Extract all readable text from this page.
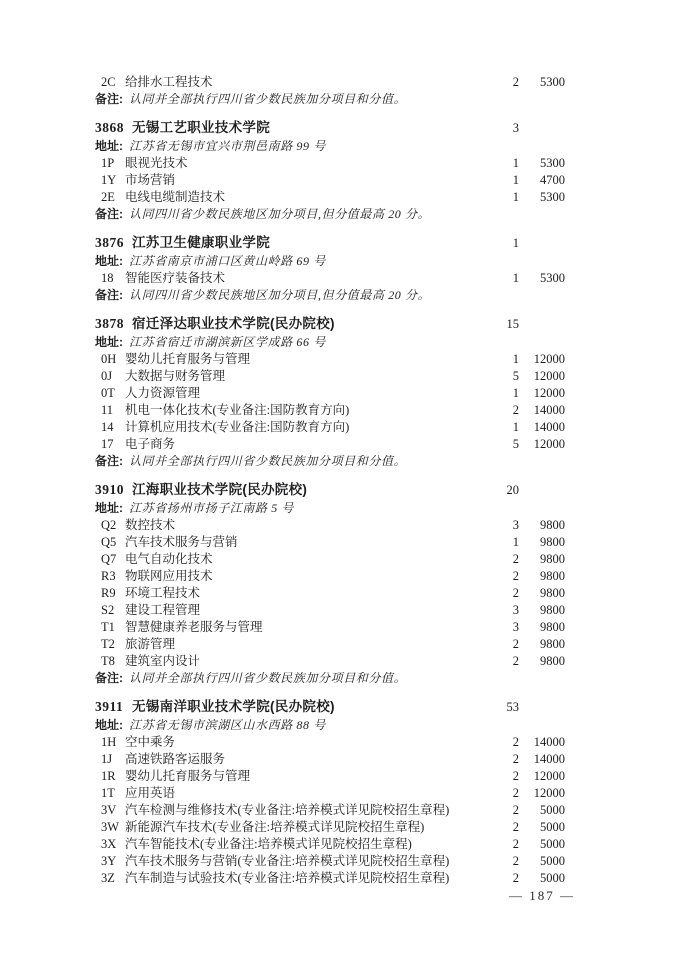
2C 给排水工程技术	2	5300
备注: 认同并全部执行四川省少数民族加分项目和分值。
3868 无锡工艺职业技术学院	3
地址: 江苏省无锡市宜兴市荆邑南路 99 号
1P 眼视光技术	1	5300
1Y 市场营销	1	4700
2E 电线电缆制造技术	1	5300
备注: 认同四川省少数民族地区加分项目,但分值最高 20 分。
3876 江苏卫生健康职业学院	1
地址: 江苏省南京市浦口区黄山岭路 69 号
18 智能医疗装备技术	1	5300
备注: 认同四川省少数民族地区加分项目,但分值最高 20 分。
3878 宿迁泽达职业技术学院(民办院校)	15
地址: 江苏省宿迁市湖滨新区学成路 66 号
0H 婴幼儿托育服务与管理	1	12000
0J	大数据与财务管理	5	12000
0T 人力资源管理	1	12000
11 机电一体化技术(专业备注:国防教育方向)	2	14000
14 计算机应用技术(专业备注:国防教育方向)	1	14000
17 电子商务	5	12000
备注: 认同并全部执行四川省少数民族加分项目和分值。
3910 江海职业技术学院(民办院校)	20
地址: 江苏省扬州市扬子江南路 5 号
Q2 数控技术	3	9800
Q5 汽车技术服务与营销	1	9800
Q7 电气自动化技术	2	9800
R3 物联网应用技术	2	9800
R9 环境工程技术	2	9800
S2 建设工程管理	3	9800
T1 智慧健康养老服务与管理	3	9800
T2 旅游管理	2	9800
T8 建筑室内设计	2	9800
备注: 认同并全部执行四川省少数民族加分项目和分值。
3911 无锡南洋职业技术学院(民办院校)	53
地址: 江苏省无锡市滨湖区山水西路 88 号
1H 空中乘务	2	14000
1J	高速铁路客运服务	2	14000
1R 婴幼儿托育服务与管理	2	12000
1T 应用英语	2	12000
3V 汽车检测与维修技术(专业备注:培养模式详见院校招生章程)	2	5000
3W 新能源汽车技术(专业备注:培养模式详见院校招生章程)	2	5000
3X 汽车智能技术(专业备注:培养模式详见院校招生章程)	2	5000
3Y 汽车技术服务与营销(专业备注:培养模式详见院校招生章程)	2	5000
3Z 汽车制造与试验技术(专业备注:培养模式详见院校招生章程)	2	5000
— 187 —
